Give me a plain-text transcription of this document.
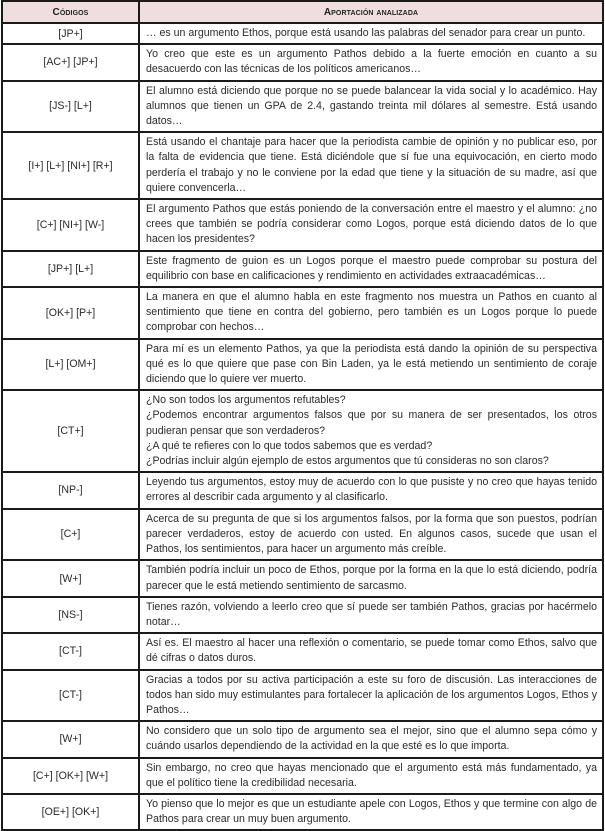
Códigos	Aportación analizada
[JP+]	… es un argumento Ethos, porque está usando las palabras del senador para crear un punto.

[AC+] [JP+]	Yo creo que este es un argumento Pathos debido a la fuerte emoción en cuanto a su desacuerdo con las técnicas de los políticos americanos…

[JS-] [L+]	El alumno está diciendo que porque no se puede balancear la vida social y lo académico. Hay alumnos que tienen un GPA de 2.4, gastando treinta mil dólares al semestre. Está usando datos…

[I+] [L+] [NI+] [R+]	Está usando el chantaje para hacer que la periodista cambie de opinión y no publicar eso, por la falta de evidencia que tiene. Está diciéndole que sí fue una equivocación, en cierto modo perdería el trabajo y no le conviene por la edad que tiene y la situación de su madre, así que quiere convencerla…

[C+] [NI+] [W-]	El argumento Pathos que estás poniendo de la conversación entre el maestro y el alumno: ¿no crees que también se podría considerar como Logos, porque está diciendo datos de lo que hacen los presidentes?

[JP+] [L+]	Este fragmento de guion es un Logos porque el maestro puede comprobar su postura del equilibrio con base en calificaciones y rendimiento en actividades extraacadémicas…

[OK+] [P+]	La manera en que el alumno habla en este fragmento nos muestra un Pathos en cuanto al sentimiento que tiene en contra del gobierno, pero también es un Logos porque lo puede comprobar con hechos…

[L+] [OM+]	Para mí es un elemento Pathos, ya que la periodista está dando la opinión de su perspectiva qué es lo que quiere que pase con Bin Laden, ya le está metiendo un sentimiento de coraje diciendo que lo quiere ver muerto.

[CT+]	¿No son todos los argumentos refutables?
¿Podemos encontrar argumentos falsos que por su manera de ser presentados, los otros pudieran pensar que son verdaderos?
¿A qué te refieres con lo que todos sabemos que es verdad?
¿Podrías incluir algún ejemplo de estos argumentos que tú consideras no son claros?

[NP-]	Leyendo tus argumentos, estoy muy de acuerdo con lo que pusiste y no creo que hayas tenido errores al describir cada argumento y al clasificarlo.

[C+]	Acerca de su pregunta de que si los argumentos falsos, por la forma que son puestos, podrían parecer verdaderos, estoy de acuerdo con usted. En algunos casos, sucede que usan el Pathos, los sentimientos, para hacer un argumento más creíble.

[W+]	También podría incluir un poco de Ethos, porque por la forma en la que lo está diciendo, podría parecer que le está metiendo sentimiento de sarcasmo.

[NS-]	Tienes razón, volviendo a leerlo creo que sí puede ser también Pathos, gracias por hacérmelo notar…

[CT-]	Así es. El maestro al hacer una reflexión o comentario, se puede tomar como Ethos, salvo que dé cifras o datos duros.

[CT-]	Gracias a todos por su activa participación a este su foro de discusión. Las interacciones de todos han sido muy estimulantes para fortalecer la aplicación de los argumentos Logos, Ethos y Pathos…

[W+]	No considero que un solo tipo de argumento sea el mejor, sino que el alumno sepa cómo y cuándo usarlos dependiendo de la actividad en la que esté es lo que importa.

[C+] [OK+] [W+]	Sin embargo, no creo que hayas mencionado que el argumento está más fundamentado, ya que el político tiene la credibilidad necesaria.

[OE+] [OK+]	Yo pienso que lo mejor es que un estudiante apele con Logos, Ethos y que termine con algo de Pathos para crear un muy buen argumento.
